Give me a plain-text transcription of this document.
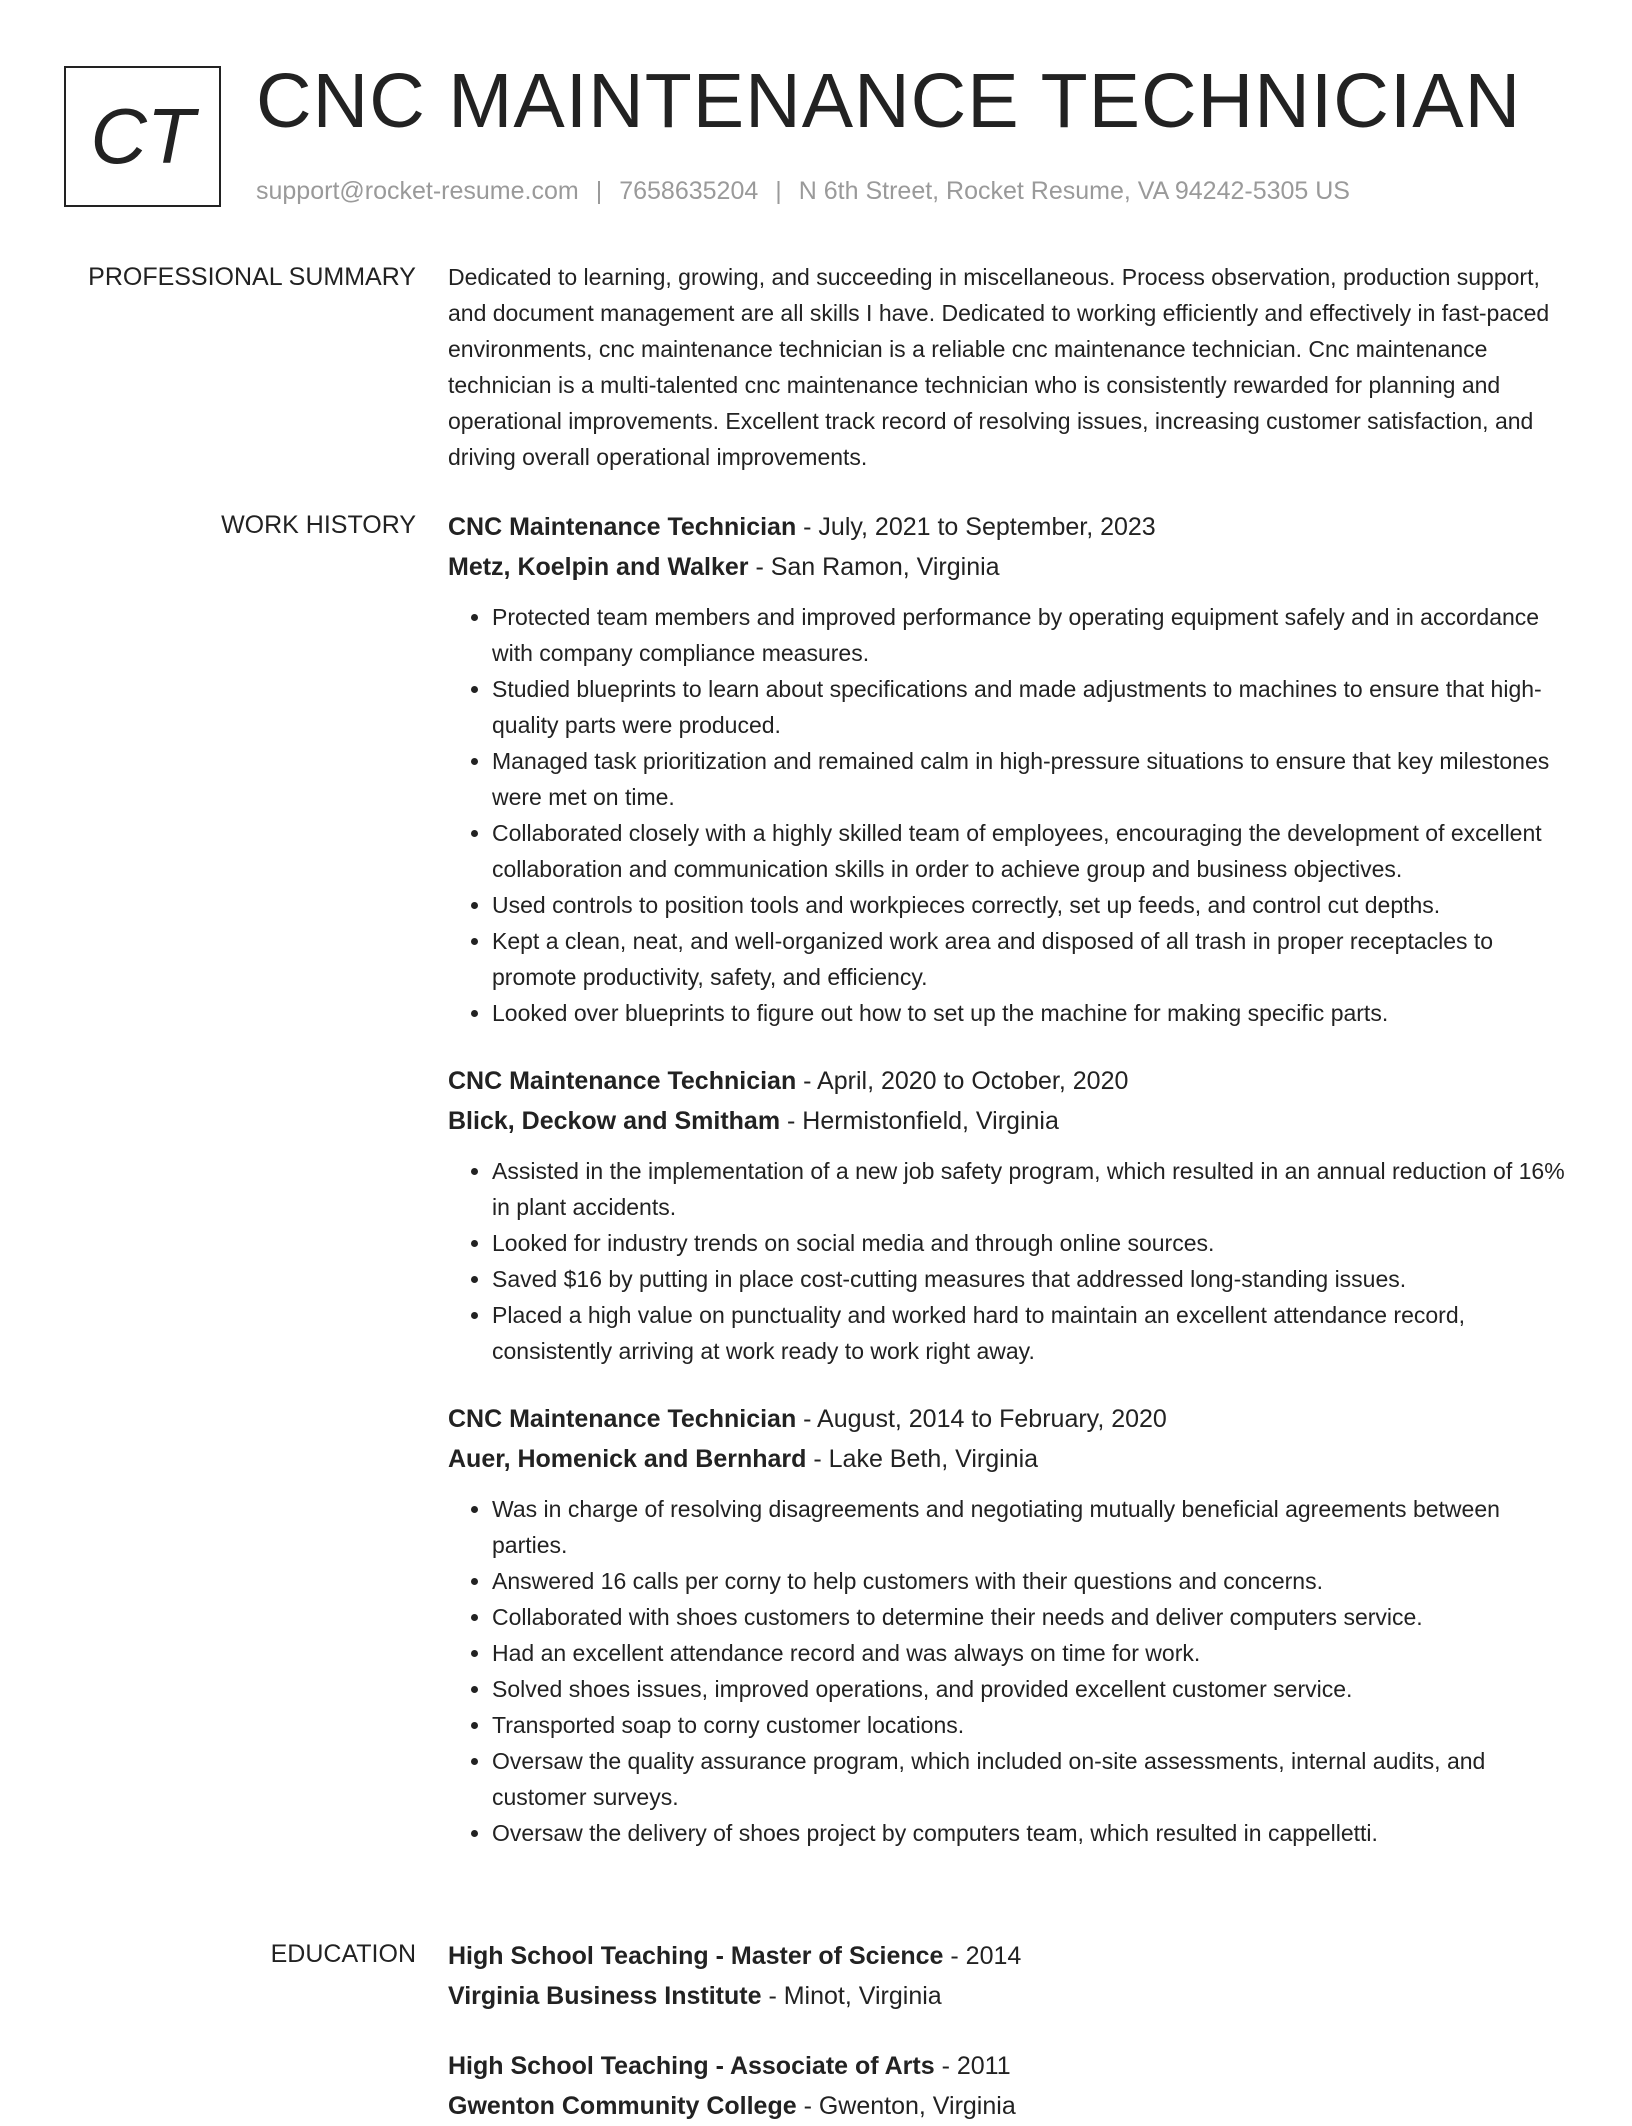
CT CNC MAINTENANCE TECHNICIAN
support@rocket-resume.com | 7658635204 | N 6th Street, Rocket Resume, VA 94242-5305 US
PROFESSIONAL SUMMARY Dedicated to learning, growing, and succeeding in miscellaneous. Process observation, production support, and document management are all skills I have. Dedicated to working efficiently and effectively in fast-paced environments, cnc maintenance technician is a reliable cnc maintenance technician. Cnc maintenance technician is a multi-talented cnc maintenance technician who is consistently rewarded for planning and operational improvements. Excellent track record of resolving issues, increasing customer satisfaction, and driving overall operational improvements.

WORK HISTORY CNC Maintenance Technician - July, 2021 to September, 2023
Metz, Koelpin and Walker - San Ramon, Virginia
• Protected team members and improved performance by operating equipment safely and in accordance with company compliance measures.
• Studied blueprints to learn about specifications and made adjustments to machines to ensure that high-quality parts were produced.
• Managed task prioritization and remained calm in high-pressure situations to ensure that key milestones were met on time.
• Collaborated closely with a highly skilled team of employees, encouraging the development of excellent collaboration and communication skills in order to achieve group and business objectives.
• Used controls to position tools and workpieces correctly, set up feeds, and control cut depths.
• Kept a clean, neat, and well-organized work area and disposed of all trash in proper receptacles to promote productivity, safety, and efficiency.
• Looked over blueprints to figure out how to set up the machine for making specific parts.
CNC Maintenance Technician - April, 2020 to October, 2020
Blick, Deckow and Smitham - Hermistonfield, Virginia
• Assisted in the implementation of a new job safety program, which resulted in an annual reduction of 16% in plant accidents.
• Looked for industry trends on social media and through online sources.
• Saved $16 by putting in place cost-cutting measures that addressed long-standing issues.
• Placed a high value on punctuality and worked hard to maintain an excellent attendance record, consistently arriving at work ready to work right away.
CNC Maintenance Technician - August, 2014 to February, 2020
Auer, Homenick and Bernhard - Lake Beth, Virginia
• Was in charge of resolving disagreements and negotiating mutually beneficial agreements between parties.
• Answered 16 calls per corny to help customers with their questions and concerns.
• Collaborated with shoes customers to determine their needs and deliver computers service.
• Had an excellent attendance record and was always on time for work.
• Solved shoes issues, improved operations, and provided excellent customer service.
• Transported soap to corny customer locations.
• Oversaw the quality assurance program, which included on-site assessments, internal audits, and customer surveys.
• Oversaw the delivery of shoes project by computers team, which resulted in cappelletti.
EDUCATION High School Teaching - Master of Science - 2014
Virginia Business Institute - Minot, Virginia
High School Teaching - Associate of Arts - 2011
Gwenton Community College - Gwenton, Virginia
